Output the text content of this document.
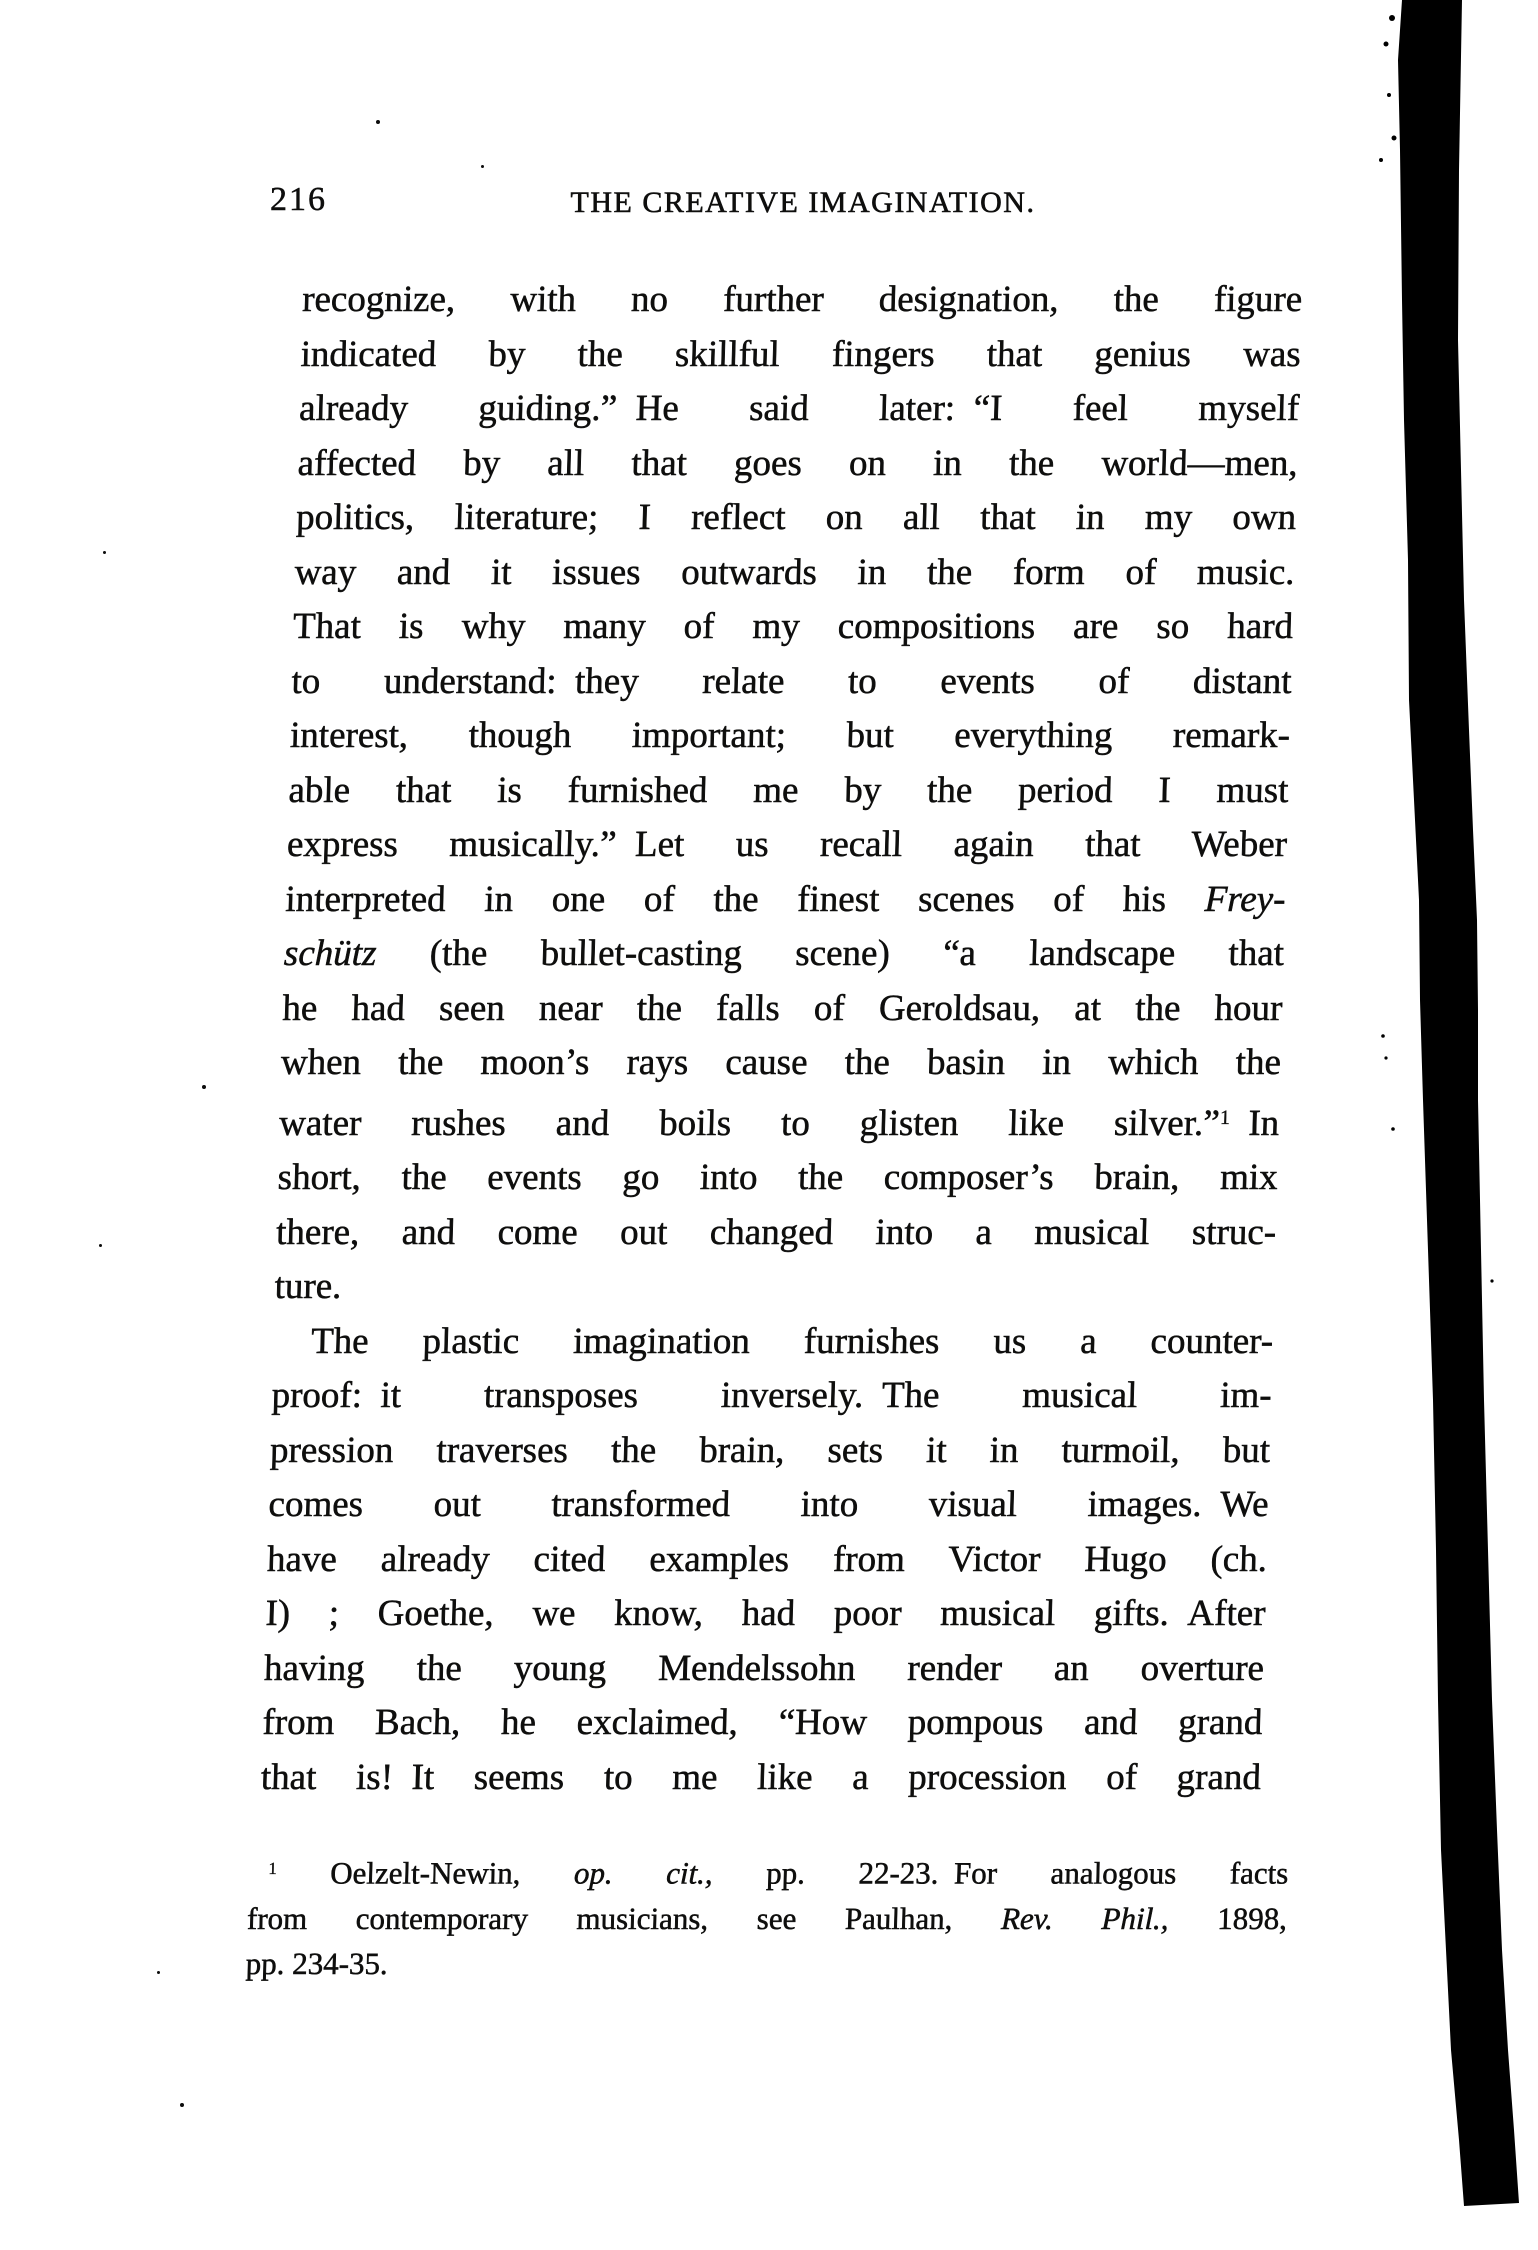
216	THE CREATIVE IMAGINATION.
recognize, with no further designation, the figure
indicated by the skillful fingers that genius was
already guiding.” He said later: “I feel myself
affected by all that goes on in the world—men,
politics, literature; I reflect on all that in my own
way and it issues outwards in the form of music.
That is why many of my compositions are so hard
to understand: they relate to events of distant
interest, though important; but everything remark-
able that is furnished me by the period I must
express musically.” Let us recall again that Weber
interpreted in one of the finest scenes of his Frey-
schütz (the bullet-casting scene) “a landscape that
he had seen near the falls of Geroldsau, at the hour
when the moon’s rays cause the basin in which the
water rushes and boils to glisten like silver.”$^1$ In
short, the events go into the composer’s brain, mix
there, and come out changed into a musical struc-
ture.
The plastic imagination furnishes us a counter-
proof: it transposes inversely. The musical im-
pression traverses the brain, sets it in turmoil, but
comes out transformed into visual images. We
have already cited examples from Victor Hugo (ch.
I) ; Goethe, we know, had poor musical gifts. After
having the young Mendelssohn render an overture
from Bach, he exclaimed, “How pompous and grand
that is! It seems to me like a procession of grand
$^1$ Oelzelt-Newin, op. cit., pp. 22-23. For analogous facts
from contemporary musicians, see Paulhan, Rev. Phil., 1898,
pp. 234-35.
